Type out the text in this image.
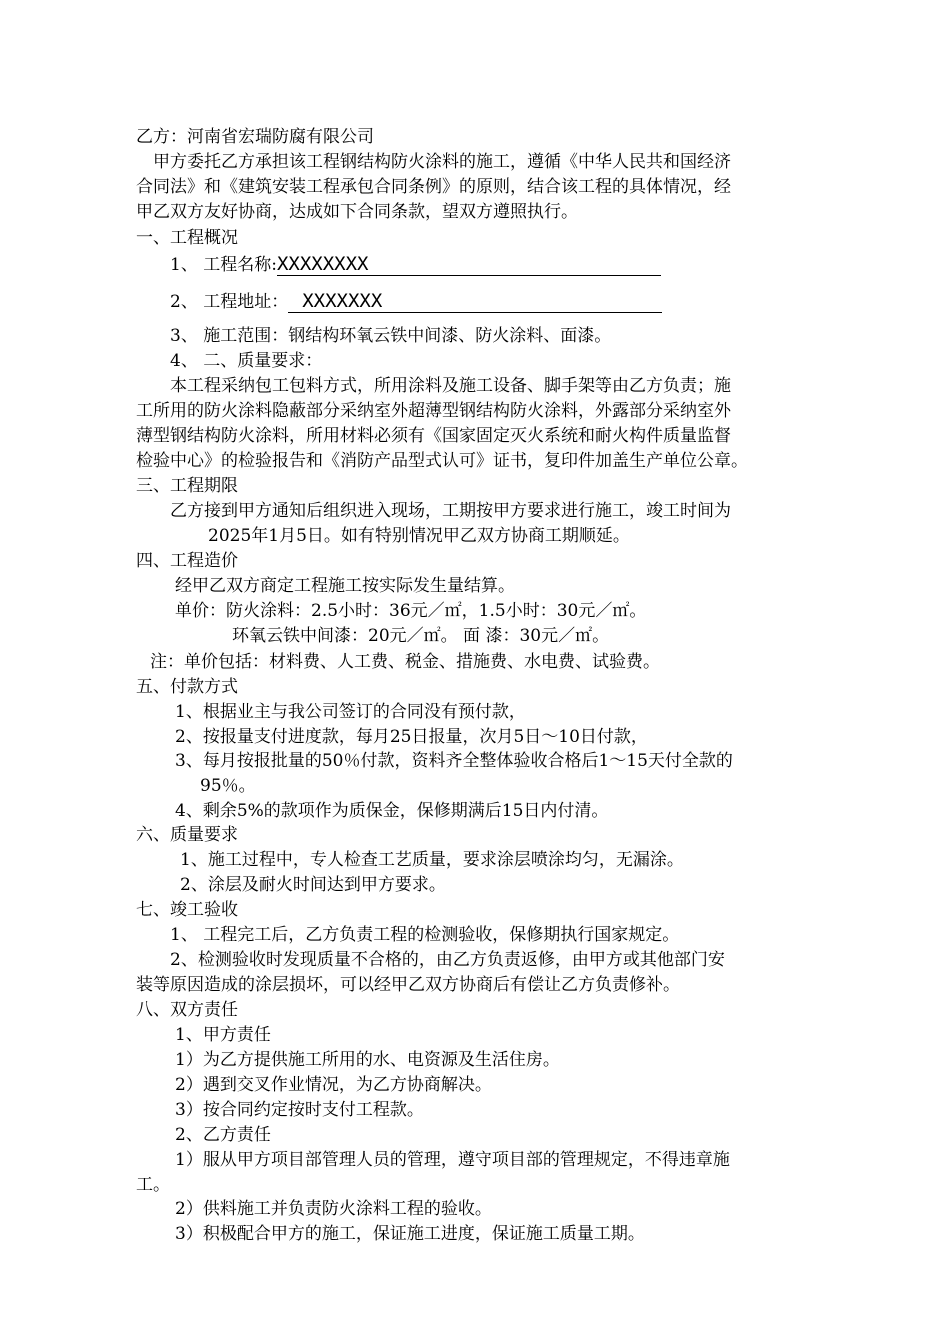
乙方：河南省宏瑞防腐有限公司
甲方委托乙方承担该工程钢结构防火涂料的施工，遵循《中华人民共和国经济
合同法》和《建筑安装工程承包合同条例》的原则，结合该工程的具体情况，经
甲乙双方友好协商，达成如下合同条款，望双方遵照执行。
一、工程概况
1、 工程名称:XXXXXXXX
2、 工程地址： XXXXXXX
3、 施工范围：钢结构环氧云铁中间漆、防火涂料、面漆。
4、 二、质量要求：
本工程采纳包工包料方式，所用涂料及施工设备、脚手架等由乙方负责；施
工所用的防火涂料隐蔽部分采纳室外超薄型钢结构防火涂料，外露部分采纳室外
薄型钢结构防火涂料，所用材料必须有《国家固定灭火系统和耐火构件质量监督
检验中心》的检验报告和《消防产品型式认可》证书，复印件加盖生产单位公章。
三、工程期限
乙方接到甲方通知后组织进入现场，工期按甲方要求进行施工，竣工时间为
2025年1月5日。如有特别情况甲乙双方协商工期顺延。
四、工程造价
经甲乙双方商定工程施工按实际发生量结算。
单价：防火涂料：2.5小时：36元／㎡，1.5小时：30元／㎡。
环氧云铁中间漆：20元／㎡。 面 漆：30元／㎡。
注：单价包括：材料费、人工费、税金、措施费、水电费、试验费。
五、付款方式
1、根据业主与我公司签订的合同没有预付款，
2、按报量支付进度款，每月25日报量，次月5日～10日付款，
3、每月按报批量的50％付款，资料齐全整体验收合格后1～15天付全款的
95％。
4、剩余5%的款项作为质保金，保修期满后15日内付清。
六、质量要求
1、施工过程中，专人检查工艺质量，要求涂层喷涂均匀，无漏涂。
2、涂层及耐火时间达到甲方要求。
七、竣工验收
1、 工程完工后，乙方负责工程的检测验收，保修期执行国家规定。
2、检测验收时发现质量不合格的，由乙方负责返修，由甲方或其他部门安
装等原因造成的涂层损坏，可以经甲乙双方协商后有偿让乙方负责修补。
八、双方责任
1、甲方责任
1）为乙方提供施工所用的水、电资源及生活住房。
2）遇到交叉作业情况，为乙方协商解决。
3）按合同约定按时支付工程款。
2、乙方责任
1）服从甲方项目部管理人员的管理，遵守项目部的管理规定，不得违章施
工。
2）供料施工并负责防火涂料工程的验收。
3）积极配合甲方的施工，保证施工进度，保证施工质量工期。
